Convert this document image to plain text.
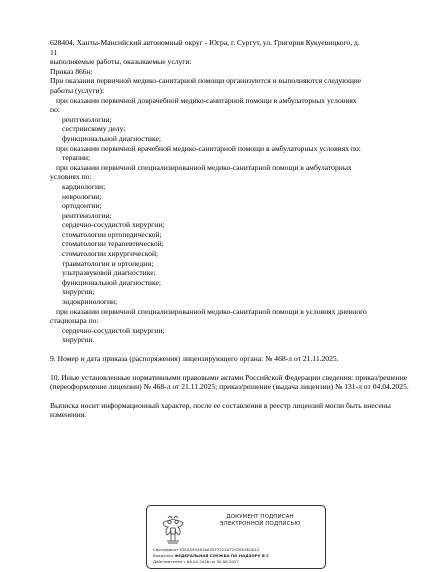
628404, Ханты-Мансийский автономный округ - Югра, г. Сургут, ул. Григория Кукуевицкого, д.
11
выполняемые работы, оказываемые услуги:
Приказ 866н:
При оказании первичной медико-санитарной помощи организуются и выполняются следующие
работы (услуги):
при оказании первичной доврачебной медико-санитарной помощи в амбулаторных условиях
по:
рентгенологии;
сестринскому делу;
функциональной диагностике;
при оказании первичной врачебной медико-санитарной помощи в амбулаторных условиях по:
терапии;
при оказании первичной специализированной медико-санитарной помощи в амбулаторных
условиях по:
кардиологии;
неврологии;
ортодонтии;
рентгенологии;
сердечно-сосудистой хирургии;
стоматологии ортопедической;
стоматологии терапевтической;
стоматологии хирургической;
травматологии и ортопедии;
ультразвуковой диагностике;
функциональной диагностике;
хирургии;
эндокринологии;
при оказании первичной специализированной медико-санитарной помощи в условиях дневного
стационара по:
сердечно-сосудистой хирургии;
хирургии.
9. Номер и дата приказа (распоряжения) лицензирующего органа: № 468-л от 21.11.2025.
10. Иные установленные нормативными правовыми актами Российской Федерации сведения: приказ/решение (переоформление лицензии) № 468-л от 21.11.2025; приказ/решение (выдача лицензии) № 131-л от 04.04.2025.
Выписка носит информационный характер, после ее составления в реестр лицензий могли быть внесены изменения.
ДОКУМЕНТ ПОДПИСАН
ЭЛЕКТРОННОЙ ПОДПИСЬЮ
Сертификат E2EA5954818A35F7222A72978A5E0A12
Владелец ФЕДЕРАЛЬНАЯ СЛУЖБА ПО НАДЗОРУ В С
Действителен с 06.04.2026 по 30.06.2027
